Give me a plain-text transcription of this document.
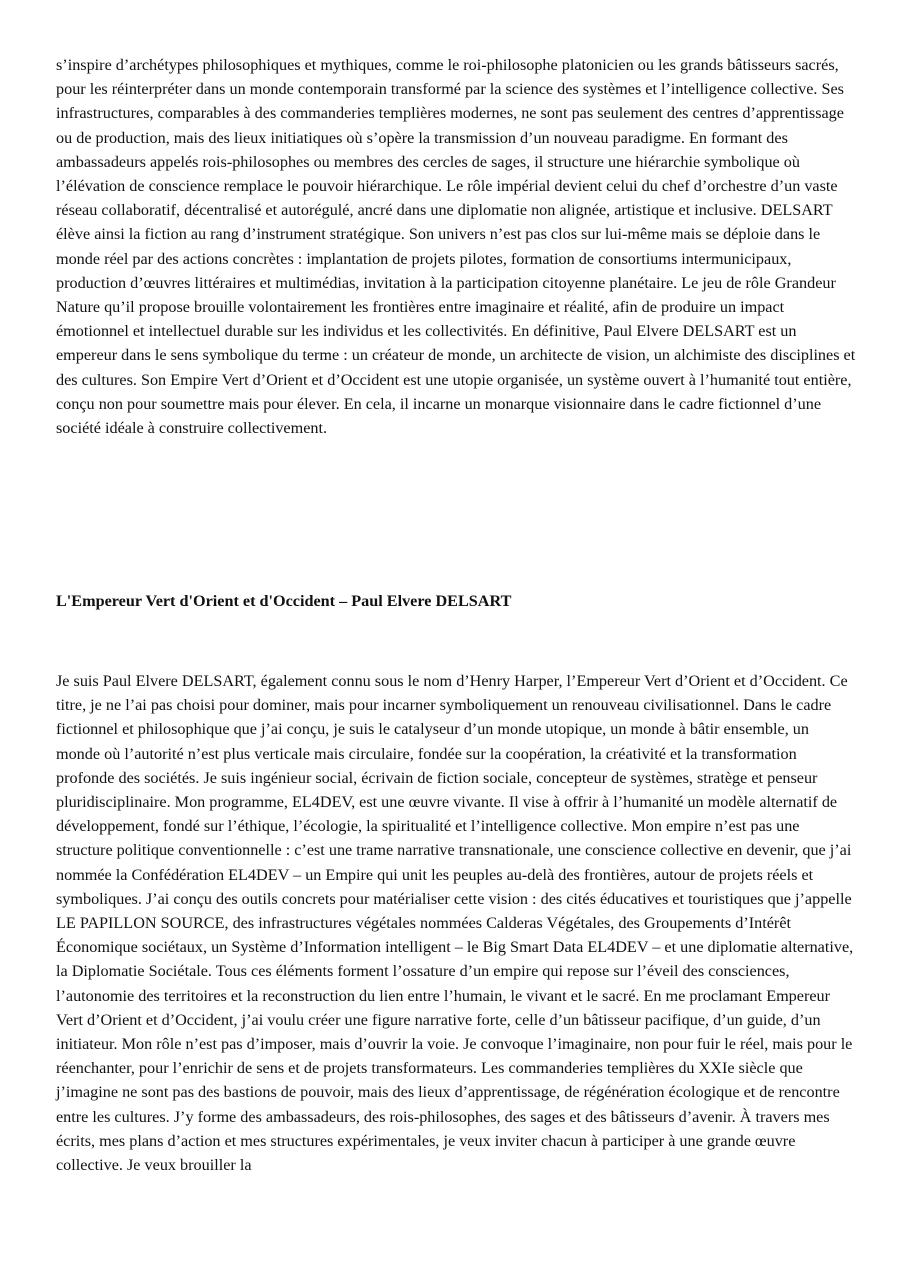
s’inspire d’archétypes philosophiques et mythiques, comme le roi-philosophe platonicien ou les grands bâtisseurs sacrés, pour les réinterpréter dans un monde contemporain transformé par la science des systèmes et l’intelligence collective. Ses infrastructures, comparables à des commanderies templières modernes, ne sont pas seulement des centres d’apprentissage ou de production, mais des lieux initiatiques où s’opère la transmission d’un nouveau paradigme. En formant des ambassadeurs appelés rois-philosophes ou membres des cercles de sages, il structure une hiérarchie symbolique où l’élévation de conscience remplace le pouvoir hiérarchique. Le rôle impérial devient celui du chef d’orchestre d’un vaste réseau collaboratif, décentralisé et autorégulé, ancré dans une diplomatie non alignée, artistique et inclusive. DELSART élève ainsi la fiction au rang d’instrument stratégique. Son univers n’est pas clos sur lui-même mais se déploie dans le monde réel par des actions concrètes : implantation de projets pilotes, formation de consortiums intermunicipaux, production d’œuvres littéraires et multimédias, invitation à la participation citoyenne planétaire. Le jeu de rôle Grandeur Nature qu’il propose brouille volontairement les frontières entre imaginaire et réalité, afin de produire un impact émotionnel et intellectuel durable sur les individus et les collectivités. En définitive, Paul Elvere DELSART est un empereur dans le sens symbolique du terme : un créateur de monde, un architecte de vision, un alchimiste des disciplines et des cultures. Son Empire Vert d’Orient et d’Occident est une utopie organisée, un système ouvert à l’humanité tout entière, conçu non pour soumettre mais pour élever. En cela, il incarne un monarque visionnaire dans le cadre fictionnel d’une société idéale à construire collectivement.

L'Empereur Vert d'Orient et d'Occident – Paul Elvere DELSART

Je suis Paul Elvere DELSART, également connu sous le nom d’Henry Harper, l’Empereur Vert d’Orient et d’Occident. Ce titre, je ne l’ai pas choisi pour dominer, mais pour incarner symboliquement un renouveau civilisationnel. Dans le cadre fictionnel et philosophique que j’ai conçu, je suis le catalyseur d’un monde utopique, un monde à bâtir ensemble, un monde où l’autorité n’est plus verticale mais circulaire, fondée sur la coopération, la créativité et la transformation profonde des sociétés. Je suis ingénieur social, écrivain de fiction sociale, concepteur de systèmes, stratège et penseur pluridisciplinaire. Mon programme, EL4DEV, est une œuvre vivante. Il vise à offrir à l’humanité un modèle alternatif de développement, fondé sur l’éthique, l’écologie, la spiritualité et l’intelligence collective. Mon empire n’est pas une structure politique conventionnelle : c’est une trame narrative transnationale, une conscience collective en devenir, que j’ai nommée la Confédération EL4DEV – un Empire qui unit les peuples au-delà des frontières, autour de projets réels et symboliques. J’ai conçu des outils concrets pour matérialiser cette vision : des cités éducatives et touristiques que j’appelle LE PAPILLON SOURCE, des infrastructures végétales nommées Calderas Végétales, des Groupements d’Intérêt Économique sociétaux, un Système d’Information intelligent – le Big Smart Data EL4DEV – et une diplomatie alternative, la Diplomatie Sociétale. Tous ces éléments forment l’ossature d’un empire qui repose sur l’éveil des consciences, l’autonomie des territoires et la reconstruction du lien entre l’humain, le vivant et le sacré. En me proclamant Empereur Vert d’Orient et d’Occident, j’ai voulu créer une figure narrative forte, celle d’un bâtisseur pacifique, d’un guide, d’un initiateur. Mon rôle n’est pas d’imposer, mais d’ouvrir la voie. Je convoque l’imaginaire, non pour fuir le réel, mais pour le réenchanter, pour l’enrichir de sens et de projets transformateurs. Les commanderies templières du XXIe siècle que j’imagine ne sont pas des bastions de pouvoir, mais des lieux d’apprentissage, de régénération écologique et de rencontre entre les cultures. J’y forme des ambassadeurs, des rois-philosophes, des sages et des bâtisseurs d’avenir. À travers mes écrits, mes plans d’action et mes structures expérimentales, je veux inviter chacun à participer à une grande œuvre collective. Je veux brouiller la
